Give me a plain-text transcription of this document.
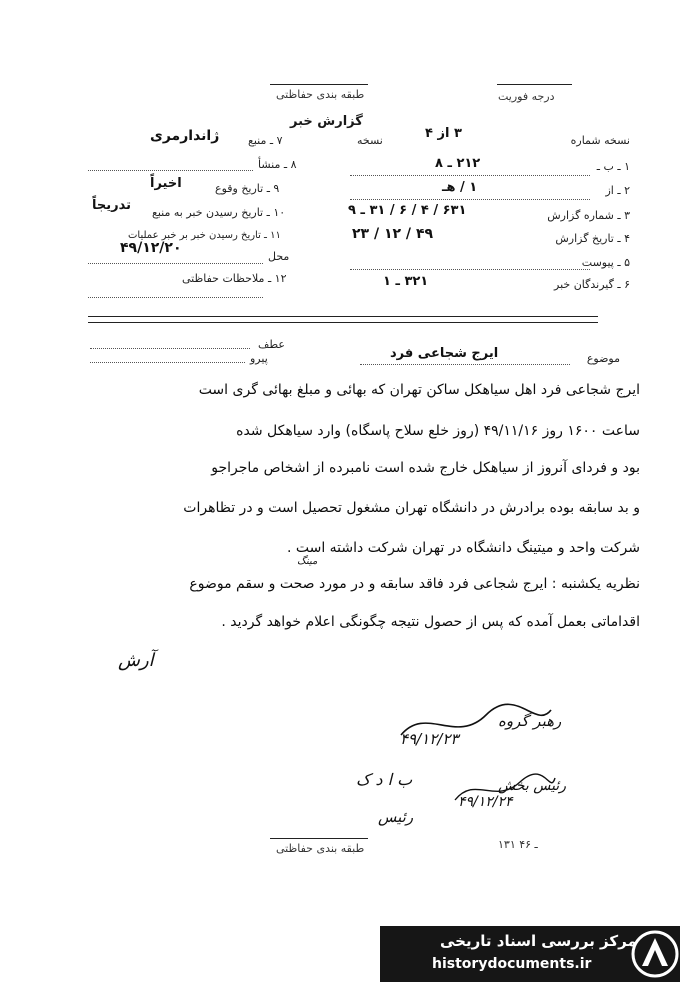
طبقه بندی حفاظتی	درجه فوریت
گزارش خبر
نسخه شماره
۳ از ۴
نسخه
۱ ـ ب ـ
۲۱۲ ـ ۸
۲ ـ از
۱ / هـ
۳ ـ شماره گزارش
۶۳۱ / ۴ / ۶ / ۳۱ ـ ۹
۴ ـ تاریخ گزارش
۴۹ / ۱۲ / ۲۳
۵ ـ پیوست
۶ ـ گیرندگان خبر
۳۲۱ ـ ۱
۷ ـ منبع
ژاندارمری
۸ ـ منشأ
۹ ـ تاریخ وقوع
اخیراً
۱۰ ـ تاریخ رسیدن خبر به منبع
تدریجاً
۱۱ ـ تاریخ رسیدن خبر بر خبر عملیات
۴۹/۱۲/۲۰
محل
۱۲ ـ ملاحظات حفاظتی
موضوع
ایرج شجاعی فرد
عطف
پیرو
ایرج شجاعی فرد اهل سیاهکل ساکن تهران که بهائی و مبلغ بهائی گری است
ساعت ۱۶۰۰ روز ۴۹/۱۱/۱۶ (روز خلع سلاح پاسگاه) وارد سیاهکل شده
بود و فردای آنروز از سیاهکل خارج شده است نامبرده از اشخاص ماجراجو
و بد سابقه بوده برادرش در دانشگاه تهران مشغول تحصیل است و در تظاهرات
شرکت واحد و میتینگ دانشگاه در تهران شرکت داشته است .
مینگ
نظریه یکشنبه : ایرج شجاعی فرد فاقد سابقه و در مورد صحت و سقم موضوع
اقداماتی بعمل آمده که پس از حصول نتیجه چگونگی اعلام خواهد گردید .
آرش
رهبر گروه
۴۹/۱۲/۲۳
رئیس بخش
۴۹/۱۲/۲۴
ب ا د ک
رئیس
طبقه بندی حفاظتی	۱۳۱ ـ ۴۶
مرکز بررسی اسناد تاریخی
historydocuments.ir
